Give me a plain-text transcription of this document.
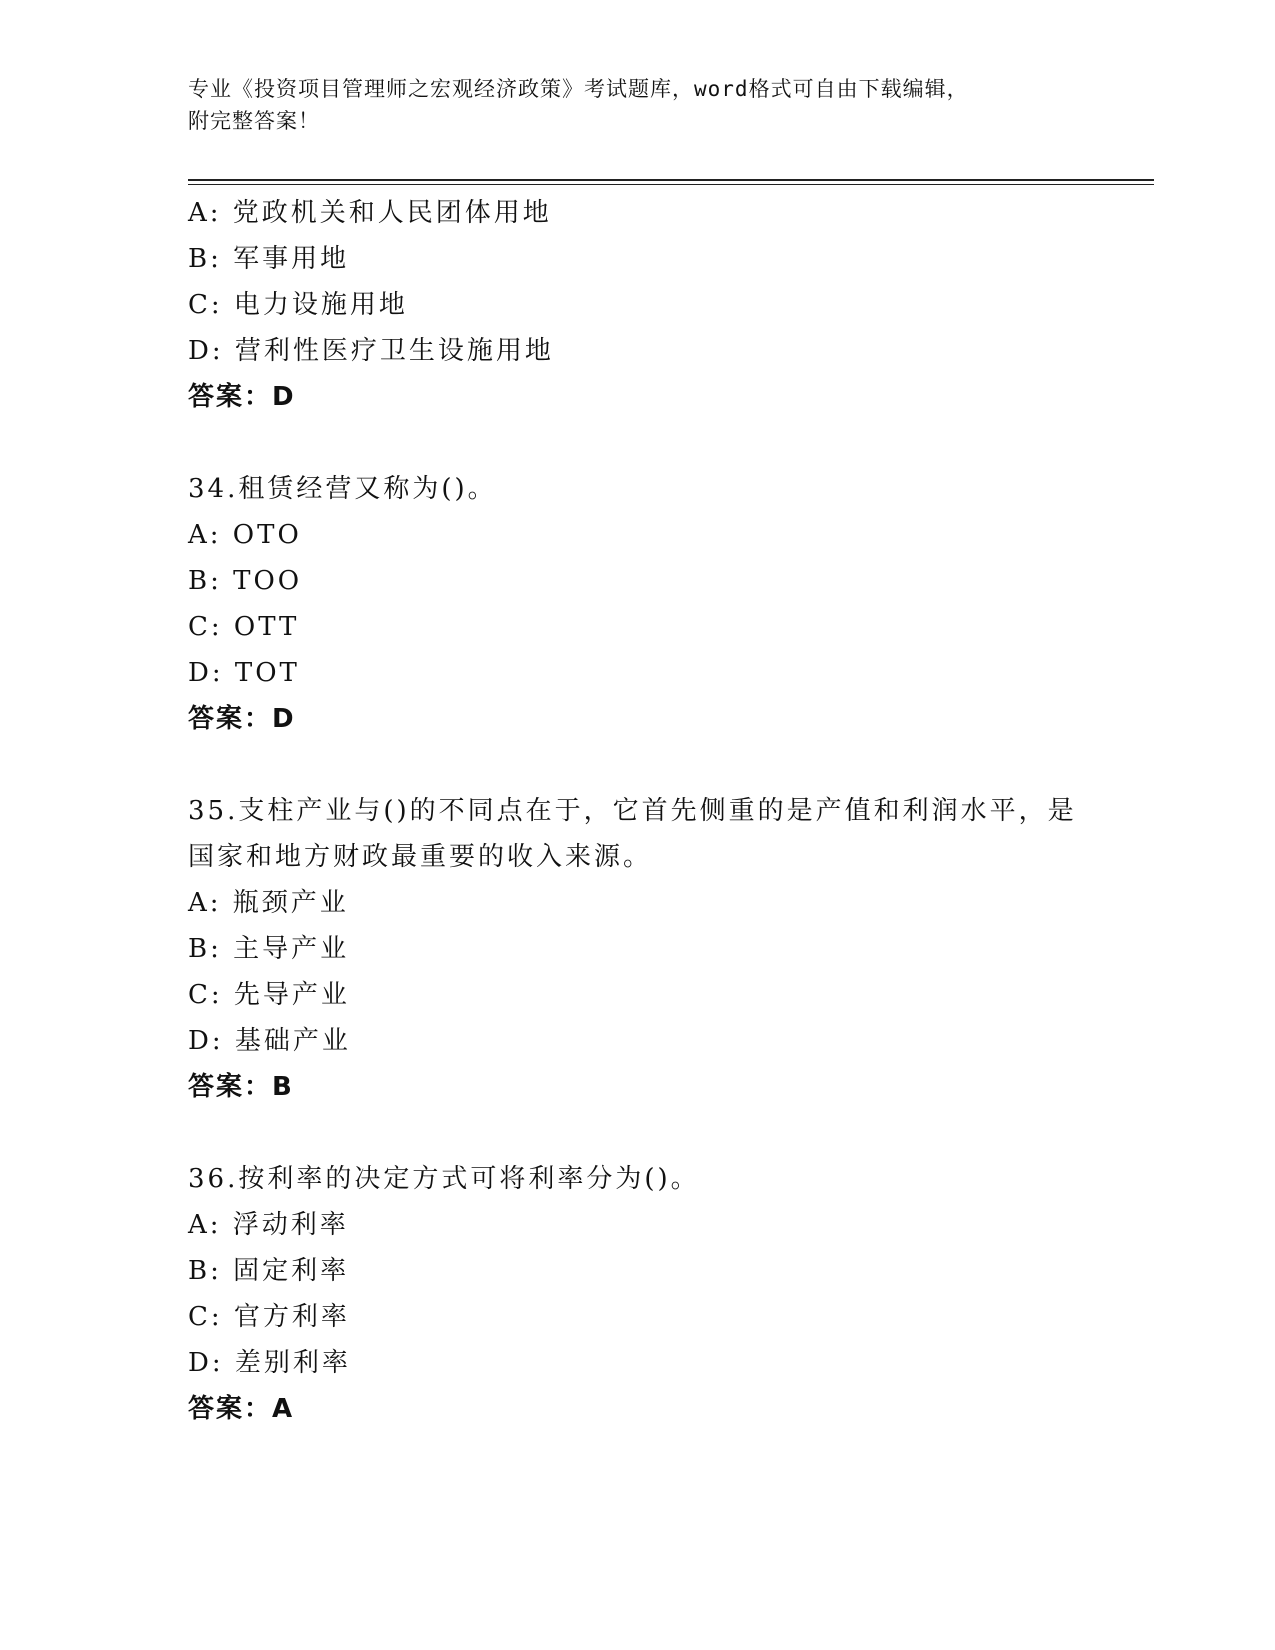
专业《投资项目管理师之宏观经济政策》考试题库，word格式可自由下载编辑，
附完整答案！
A: 党政机关和人民团体用地
B: 军事用地
C: 电力设施用地
D: 营利性医疗卫生设施用地
答案：D
34.租赁经营又称为()。
A: OTO
B: TOO
C: OTT
D: TOT
答案：D
35.支柱产业与()的不同点在于，它首先侧重的是产值和利润水平，是
国家和地方财政最重要的收入来源。
A: 瓶颈产业
B: 主导产业
C: 先导产业
D: 基础产业
答案：B
36.按利率的决定方式可将利率分为()。
A: 浮动利率
B: 固定利率
C: 官方利率
D: 差别利率
答案：A
